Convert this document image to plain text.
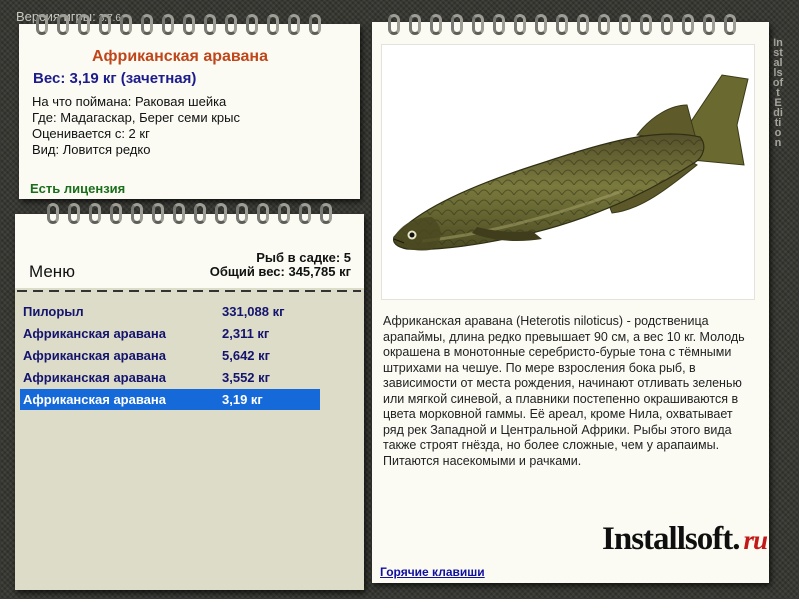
Версия игры: 3.7.6
Installsoft Edition
Африканская аравана
Вес: 3,19 кг (зачетная)
На что поймана: Раковая шейка
Где: Мадагаскар, Берег семи крыс
Оценивается с: 2 кг
Вид: Ловится редко
Есть лицензия
Рыб в садке: 5
Общий вес: 345,785 кг
Меню
Пилорыл	331,088 кг
Африканская аравана	2,311 кг
Африканская аравана	5,642 кг
Африканская аравана	3,552 кг
Африканская аравана	3,19 кг
Африканская аравана (Heterotis niloticus) - родственица арапаймы, длина редко превышает 90 см, а вес 10 кг. Молодь окрашена в монотонные серебристо-бурые тона с тёмными штрихами на чешуе. По мере взросления бока рыб, в зависимости от места рождения, начинают отливать зеленью или мягкой синевой, а плавники постепенно окрашиваются в цвета морковной гаммы. Её ареал, кроме Нила, охватывает ряд рек Западной и Центральной Африки. Рыбы этого вида также строят гнёзда, но более сложные, чем у арапаимы. Питаются насекомыми и рачками.
Installsoft. ru
Горячие клавиши
